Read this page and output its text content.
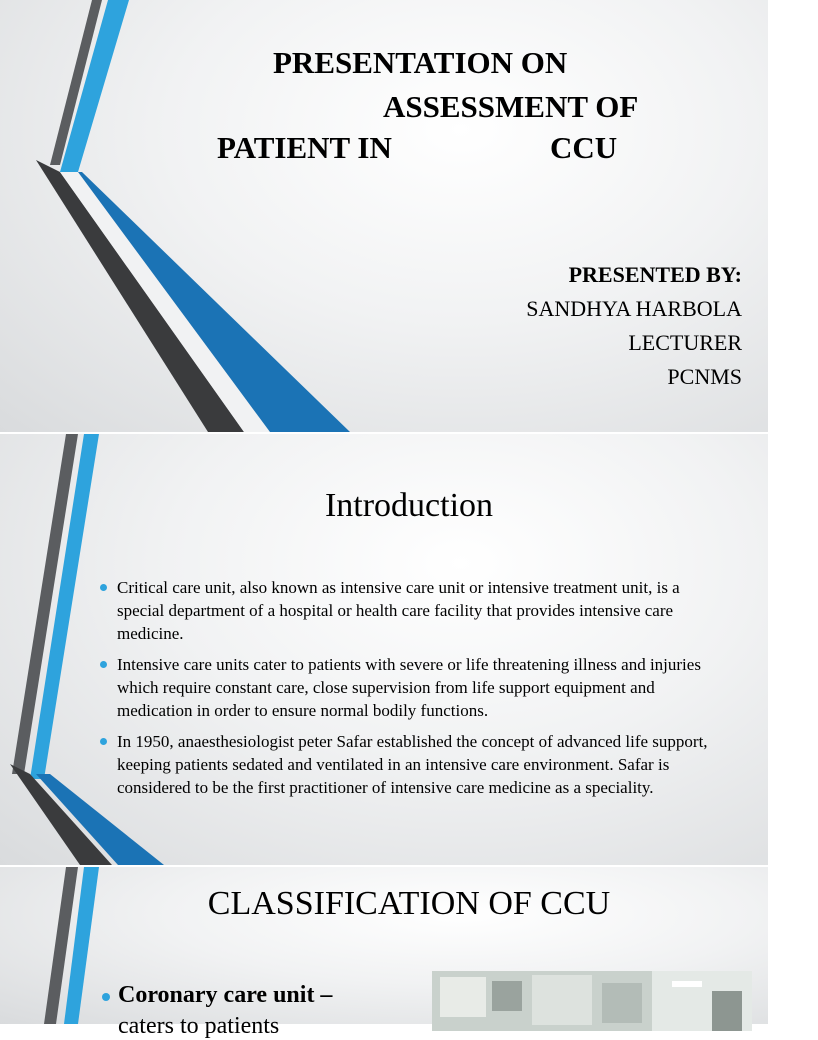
PRESENTATION ON
ASSESSMENT OF
PATIENT IN	CCU
PRESENTED BY:
SANDHYA HARBOLA
LECTURER
PCNMS
Introduction
Critical care unit, also known as intensive care unit or intensive treatment unit, is a special department of a hospital or health care facility that provides intensive care medicine.
Intensive care units cater to patients with severe or life threatening illness and injuries which require constant care, close supervision from life support equipment and medication in order to ensure normal bodily functions.
In 1950, anaesthesiologist peter Safar established the concept of advanced life support, keeping patients sedated and ventilated in an intensive care environment. Safar is considered to be the first practitioner of intensive care medicine as a speciality.
CLASSIFICATION OF CCU
Coronary care unit –
caters to patients
